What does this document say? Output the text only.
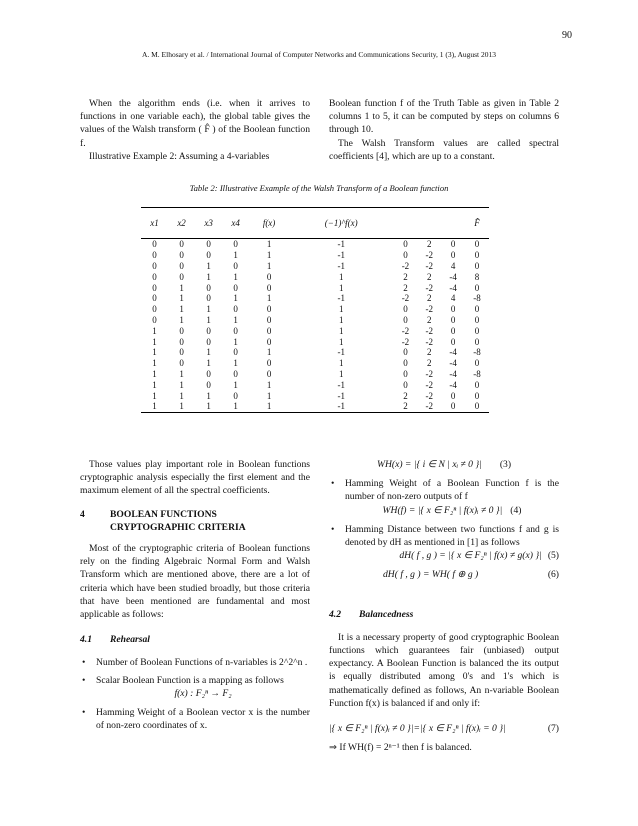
90
A. M. Elhosary et al. / International Journal of Computer Networks and Communications Security, 1 (3), August 2013

When the algorithm ends (i.e. when it arrives to functions in one variable each), the global table gives the values of the Walsh transform ( F̂ ) of the Boolean function f.

Illustrative Example 2: Assuming a 4-variables

Boolean function f of the Truth Table as given in Table 2 columns 1 to 5, it can be computed by steps on columns 6 through 10.

The Walsh Transform values are called spectral coefficients [4], which are up to a constant.

Table 2: Illustrative Example of the Walsh Transform of a Boolean function
x1	x2	x3	x4	f(x)	(−1)^f(x)				F̂
0	0	0	0	1	-1	0	2	0	0
0	0	0	1	1	-1	0	-2	0	0
0	0	1	0	1	-1	-2	-2	4	0
0	0	1	1	0	1	2	2	-4	8
0	1	0	0	0	1	2	-2	-4	0
0	1	0	1	1	-1	-2	2	4	-8
0	1	1	0	0	1	0	-2	0	0
0	1	1	1	0	1	0	2	0	0
1	0	0	0	0	1	-2	-2	0	0
1	0	0	1	0	1	-2	-2	0	0
1	0	1	0	1	-1	0	2	-4	-8
1	0	1	1	0	1	0	2	-4	0
1	1	0	0	0	1	0	-2	-4	-8
1	1	0	1	1	-1	0	-2	-4	0
1	1	1	0	1	-1	2	-2	0	0
1	1	1	1	1	-1	2	-2	0	0

Those values play important role in Boolean functions cryptographic analysis especially the first element and the maximum element of all the spectral coefficients.

4	BOOLEAN FUNCTIONS
CRYPTOGRAPHIC CRITERIA

Most of the cryptographic criteria of Boolean functions rely on the finding Algebraic Normal Form and Walsh Transform which are mentioned above, there are a lot of criteria which have been studied broadly, but those criteria that have been mentioned are fundamental and most applicable as follows:

4.1	Rehearsal
• Number of Boolean Functions of n-variables is 2^2^n .
• Scalar Boolean Function is a mapping as follows
f(x) : F₂ⁿ → F₂
• Hamming Weight of a Boolean vector x is the number of non-zero coordinates of x.
WH(x) = |{ i ∈ N | xᵢ ≠ 0 }| (3)
• Hamming Weight of a Boolean Function f is the number of non-zero outputs of f
WH(f) = |{ x ∈ F₂ⁿ | f(x)ᵢ ≠ 0 }| (4)
• Hamming Distance between two functions f and g is denoted by dH as mentioned in [1] as follows
dH( f , g ) = |{ x ∈ F₂ⁿ | f(x) ≠ g(x) }| (5)
dH( f , g ) = WH( f ⊕ g )	(6)
4.2	Balancedness

It is a necessary property of good cryptographic Boolean functions which guarantees fair (unbiased) output expectancy. A Boolean Function is balanced the its output is equally distributed among 0's and 1's which is mathematically defined as follows, An n-variable Boolean Function f(x) is balanced if and only if:

|{ x ∈ F₂ⁿ | f(x)ᵢ ≠ 0 }|=|{ x ∈ F₂ⁿ | f(x)ᵢ = 0 }|	(7)

⇒ If WH(f) = 2ⁿ⁻¹ then f is balanced.
